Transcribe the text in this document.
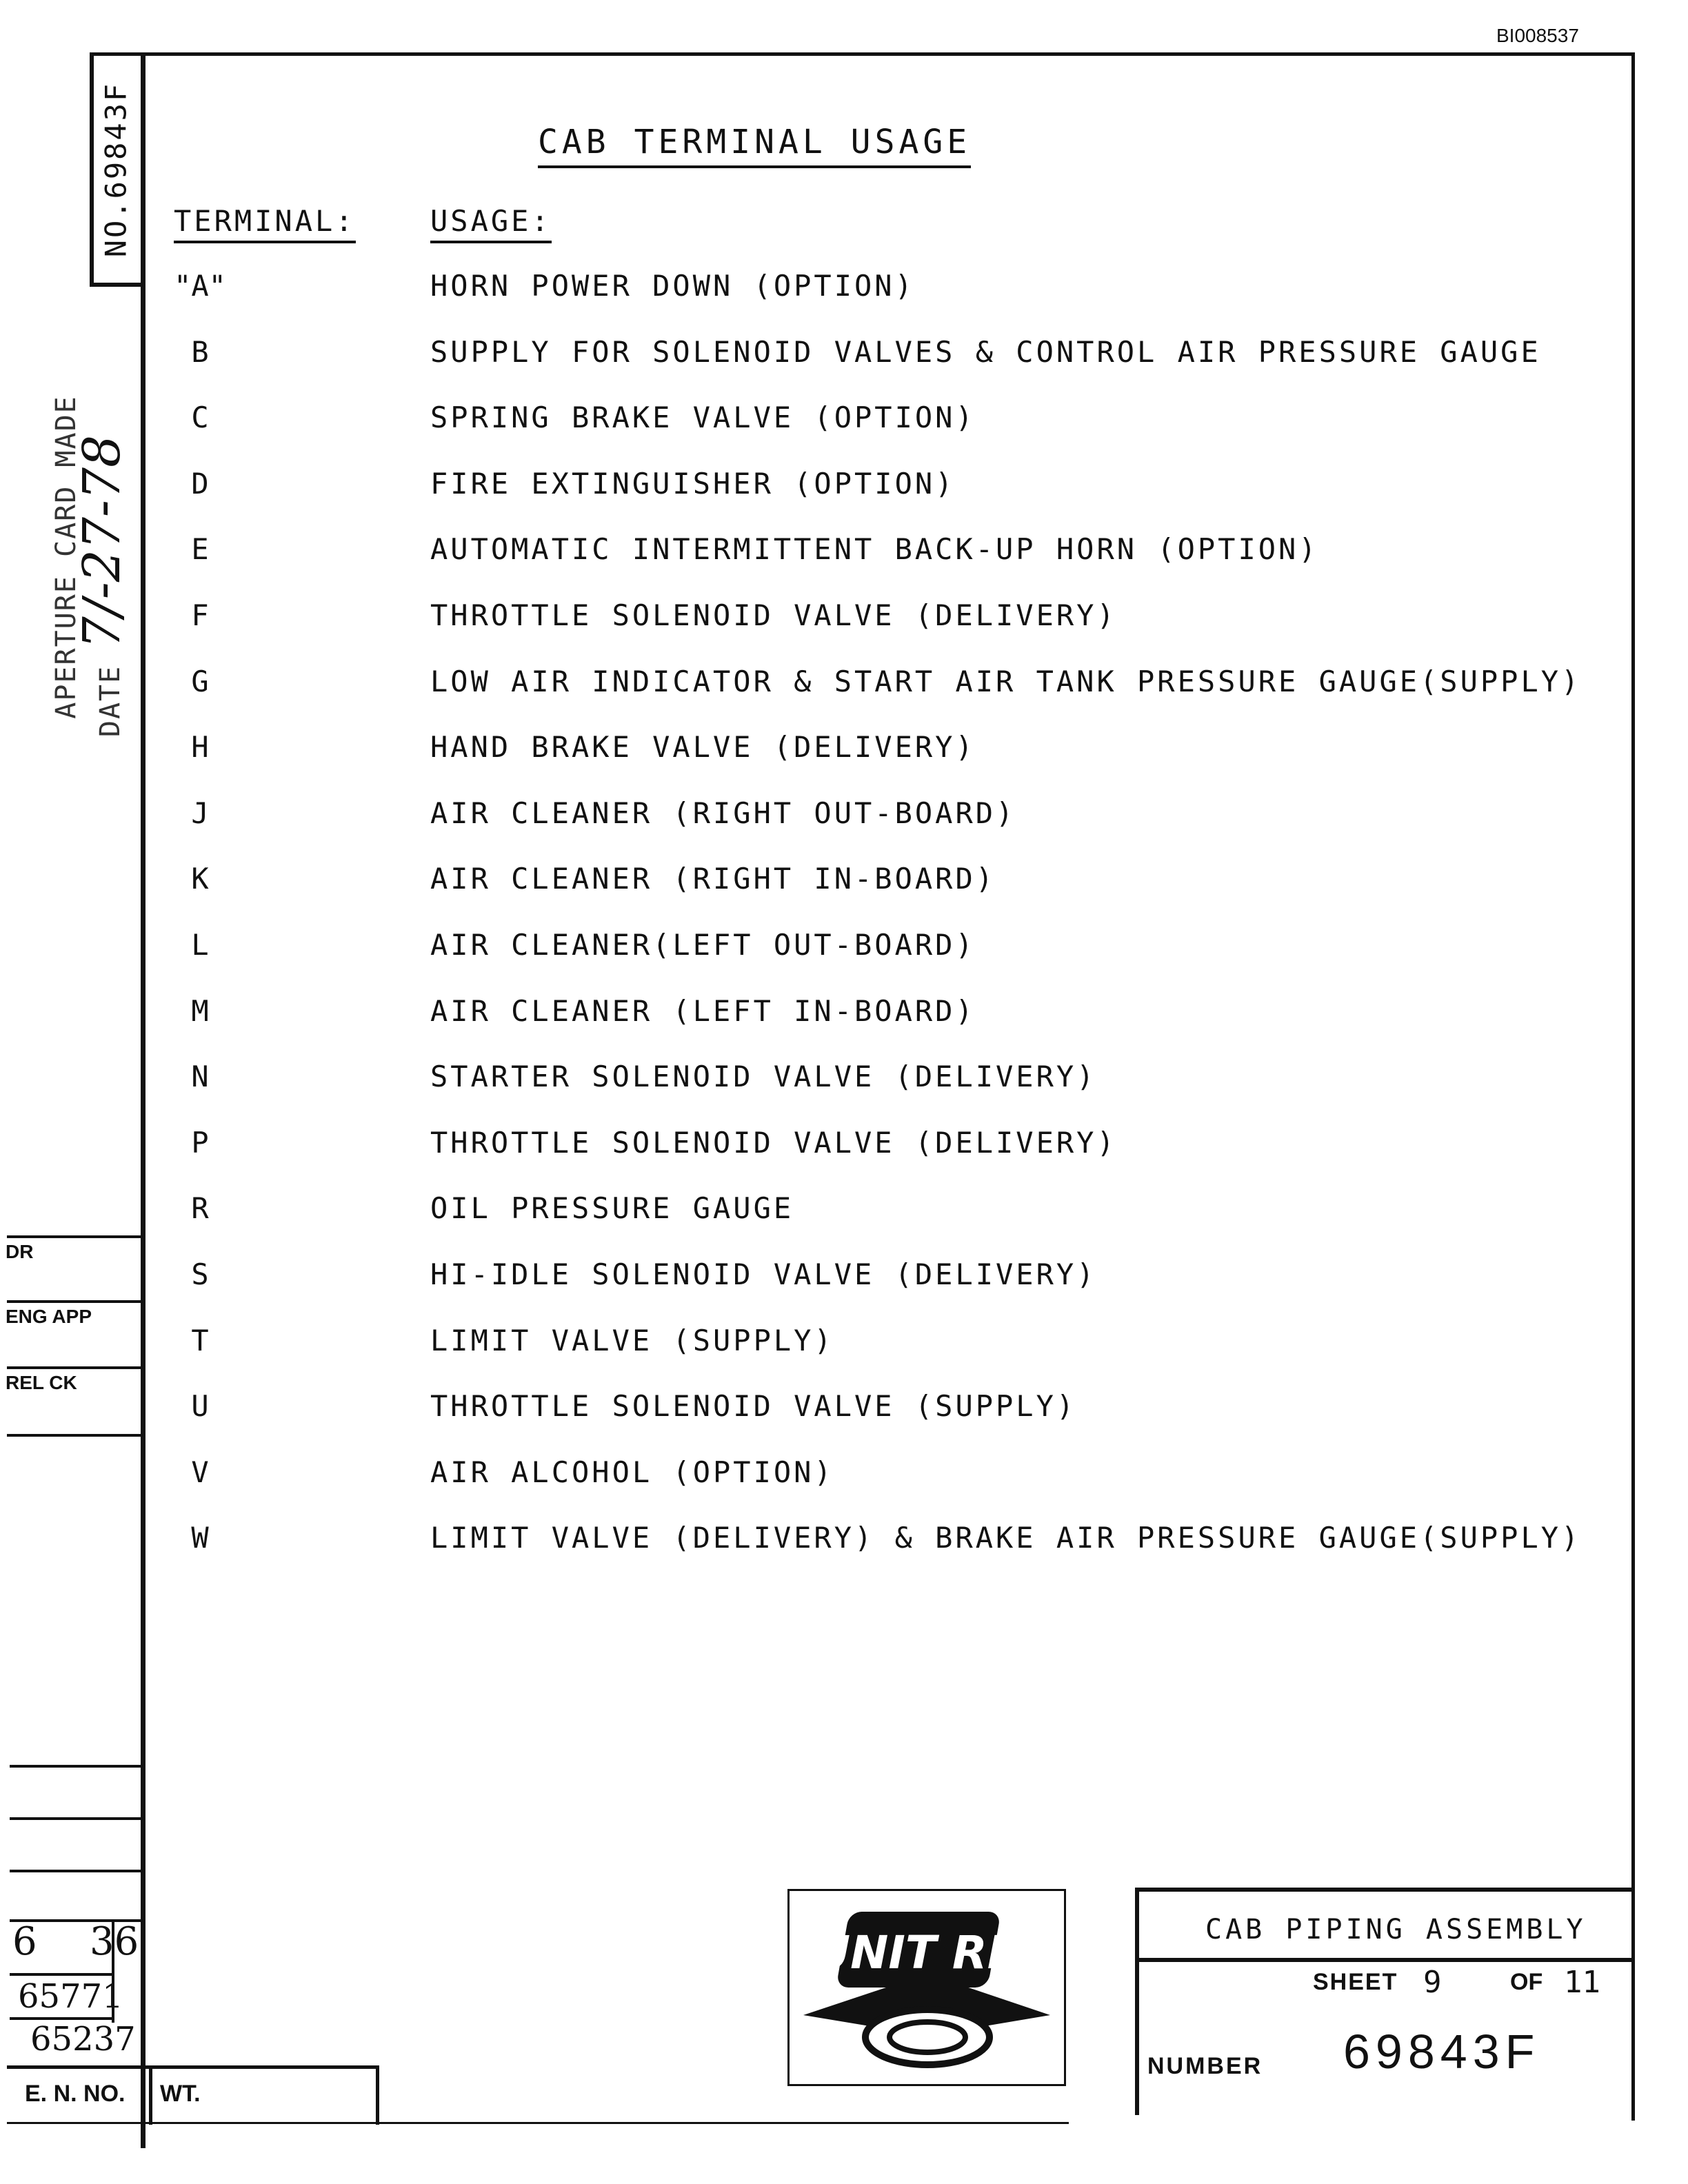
BI008537
NO.69843F
APERTURE CARD MADE DATE 7/-27-78
CAB TERMINAL USAGE
TERMINAL:	USAGE:
"A"	HORN POWER DOWN (OPTION)
B	SUPPLY FOR SOLENOID VALVES & CONTROL AIR PRESSURE GAUGE
C	SPRING BRAKE VALVE (OPTION)
D	FIRE EXTINGUISHER (OPTION)
E	AUTOMATIC INTERMITTENT BACK-UP HORN (OPTION)
F	THROTTLE SOLENOID VALVE (DELIVERY)
G	LOW AIR INDICATOR & START AIR TANK PRESSURE GAUGE(SUPPLY)
H	HAND BRAKE VALVE (DELIVERY)
J	AIR CLEANER (RIGHT OUT-BOARD)
K	AIR CLEANER (RIGHT IN-BOARD)
L	AIR CLEANER(LEFT OUT-BOARD)
M	AIR CLEANER (LEFT IN-BOARD)
N	STARTER SOLENOID VALVE (DELIVERY)
P	THROTTLE SOLENOID VALVE (DELIVERY)
R	OIL PRESSURE GAUGE
S	HI-IDLE SOLENOID VALVE (DELIVERY)
T	LIMIT VALVE (SUPPLY)
U	THROTTLE SOLENOID VALVE (SUPPLY)
V	AIR ALCOHOL (OPTION)
W	LIMIT VALVE (DELIVERY) & BRAKE AIR PRESSURE GAUGE(SUPPLY)
DR
ENG APP
REL CK
6 36
65771
65237
UNIT RIG	CAB PIPING ASSEMBLY
SHEET 9	OF 11
NUMBER 69843F
E. N. NO. WT.
